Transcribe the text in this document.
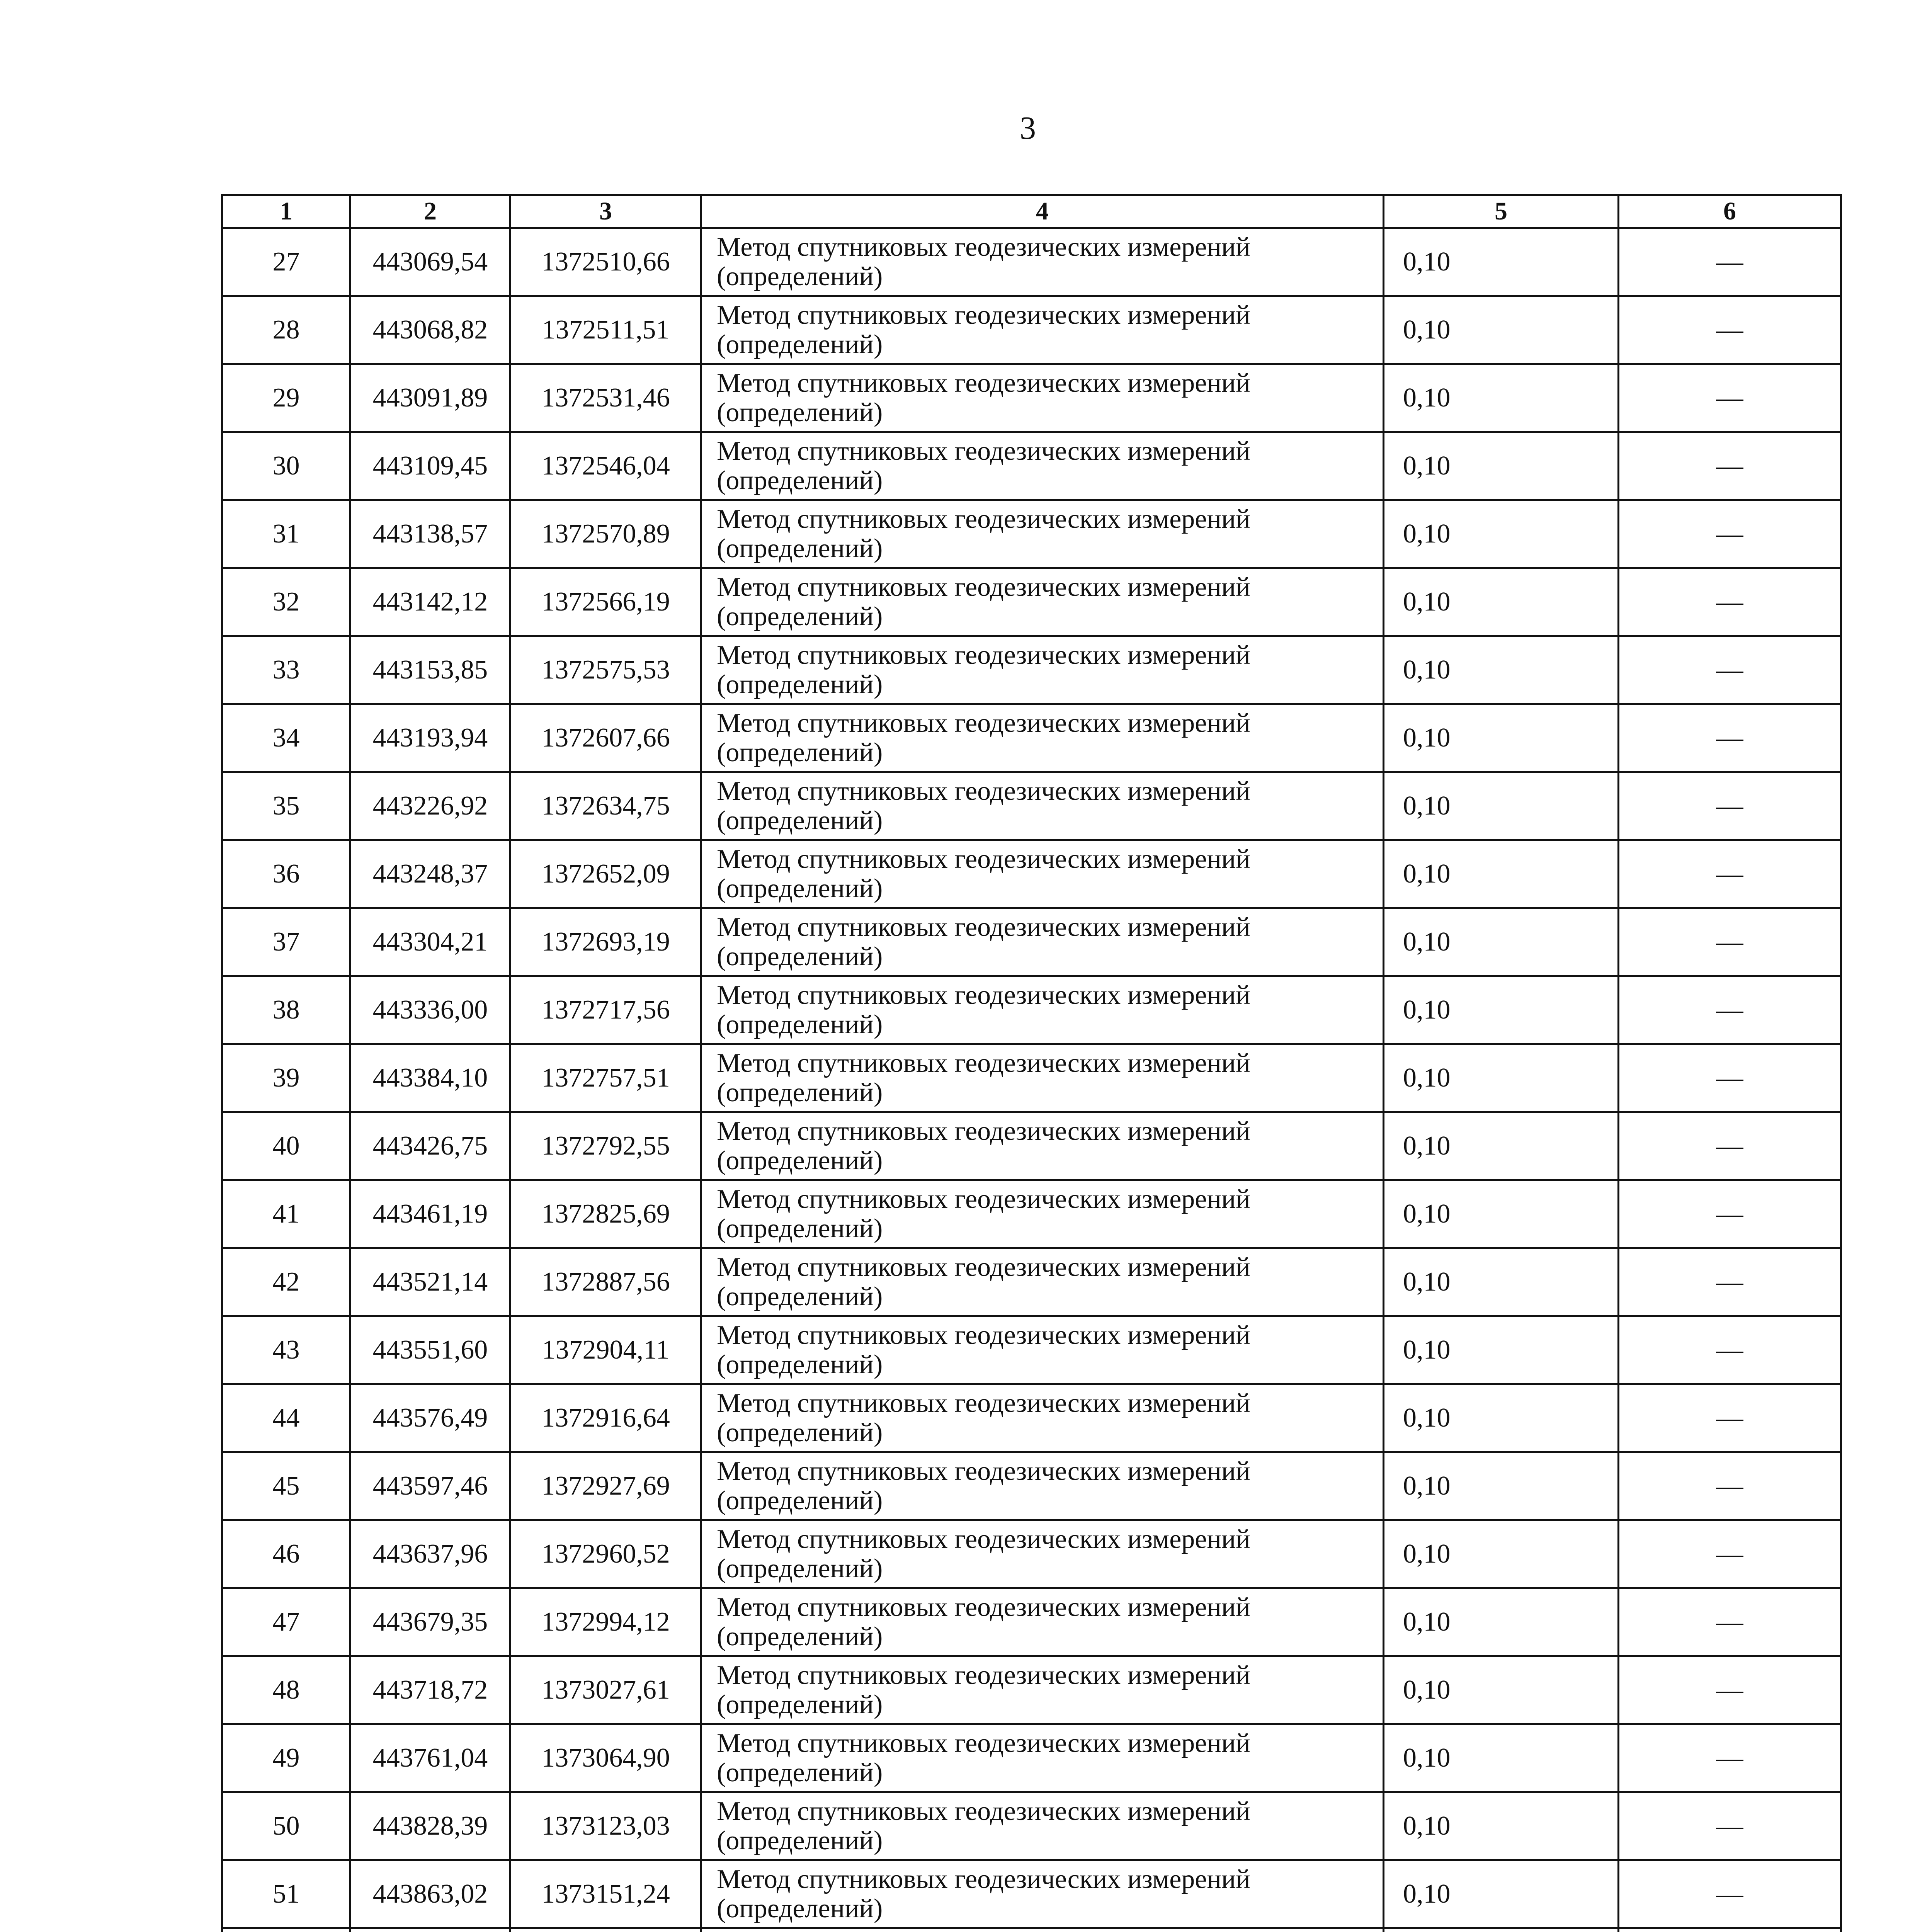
3
1	2	3	4	5	6
27	443069,54	1372510,66	Метод спутниковых геодезических измерений
(определений)	0,10	—
28	443068,82	1372511,51	Метод спутниковых геодезических измерений
(определений)	0,10	—
29	443091,89	1372531,46	Метод спутниковых геодезических измерений
(определений)	0,10	—
30	443109,45	1372546,04	Метод спутниковых геодезических измерений
(определений)	0,10	—
31	443138,57	1372570,89	Метод спутниковых геодезических измерений
(определений)	0,10	—
32	443142,12	1372566,19	Метод спутниковых геодезических измерений
(определений)	0,10	—
33	443153,85	1372575,53	Метод спутниковых геодезических измерений
(определений)	0,10	—
34	443193,94	1372607,66	Метод спутниковых геодезических измерений
(определений)	0,10	—
35	443226,92	1372634,75	Метод спутниковых геодезических измерений
(определений)	0,10	—
36	443248,37	1372652,09	Метод спутниковых геодезических измерений
(определений)	0,10	—
37	443304,21	1372693,19	Метод спутниковых геодезических измерений
(определений)	0,10	—
38	443336,00	1372717,56	Метод спутниковых геодезических измерений
(определений)	0,10	—
39	443384,10	1372757,51	Метод спутниковых геодезических измерений
(определений)	0,10	—
40	443426,75	1372792,55	Метод спутниковых геодезических измерений
(определений)	0,10	—
41	443461,19	1372825,69	Метод спутниковых геодезических измерений
(определений)	0,10	—
42	443521,14	1372887,56	Метод спутниковых геодезических измерений
(определений)	0,10	—
43	443551,60	1372904,11	Метод спутниковых геодезических измерений
(определений)	0,10	—
44	443576,49	1372916,64	Метод спутниковых геодезических измерений
(определений)	0,10	—
45	443597,46	1372927,69	Метод спутниковых геодезических измерений
(определений)	0,10	—
46	443637,96	1372960,52	Метод спутниковых геодезических измерений
(определений)	0,10	—
47	443679,35	1372994,12	Метод спутниковых геодезических измерений
(определений)	0,10	—
48	443718,72	1373027,61	Метод спутниковых геодезических измерений
(определений)	0,10	—
49	443761,04	1373064,90	Метод спутниковых геодезических измерений
(определений)	0,10	—
50	443828,39	1373123,03	Метод спутниковых геодезических измерений
(определений)	0,10	—
51	443863,02	1373151,24	Метод спутниковых геодезических измерений
(определений)	0,10	—
